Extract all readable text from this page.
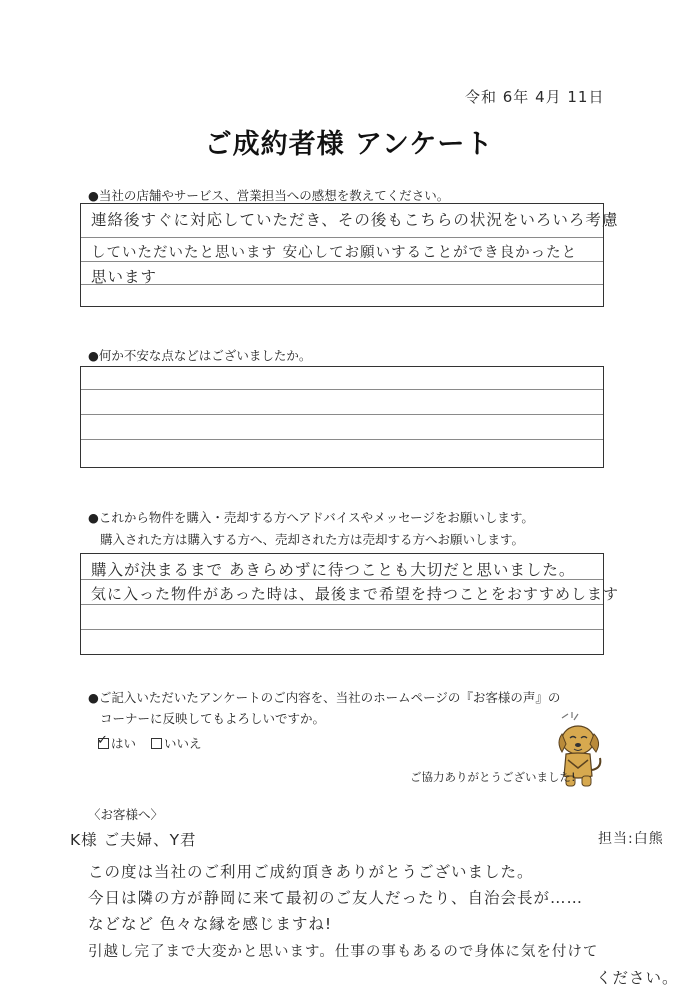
令和 6年 4月 11日
ご成約者様 アンケート
●当社の店舗やサービス、営業担当への感想を教えてください。
連絡後すぐに対応していただき、その後もこちらの状況をいろいろ考慮
していただいたと思います 安心してお願いすることができ良かったと
思います
●何か不安な点などはございましたか。
●これから物件を購入・売却する方へアドバイスやメッセージをお願いします。
購入された方は購入する方へ、売却された方は売却する方へお願いします。
購入が決まるまで あきらめずに待つことも大切だと思いました。
気に入った物件があった時は、最後まで希望を持つことをおすすめします
●ご記入いただいたアンケートのご内容を、当社のホームページの『お客様の声』の
コーナーに反映してもよろしいですか。
✓ はい	いいえ
ご協力ありがとうございました!
〈お客様へ〉
K様 ご夫婦、Y君	担当:白熊
この度は当社のご利用ご成約頂きありがとうございました。
今日は隣の方が静岡に来て最初のご友人だったり、自治会長が……
などなど 色々な縁を感じますね!
引越し完了まで大変かと思います。仕事の事もあるので身体に気を付けて
ください。
